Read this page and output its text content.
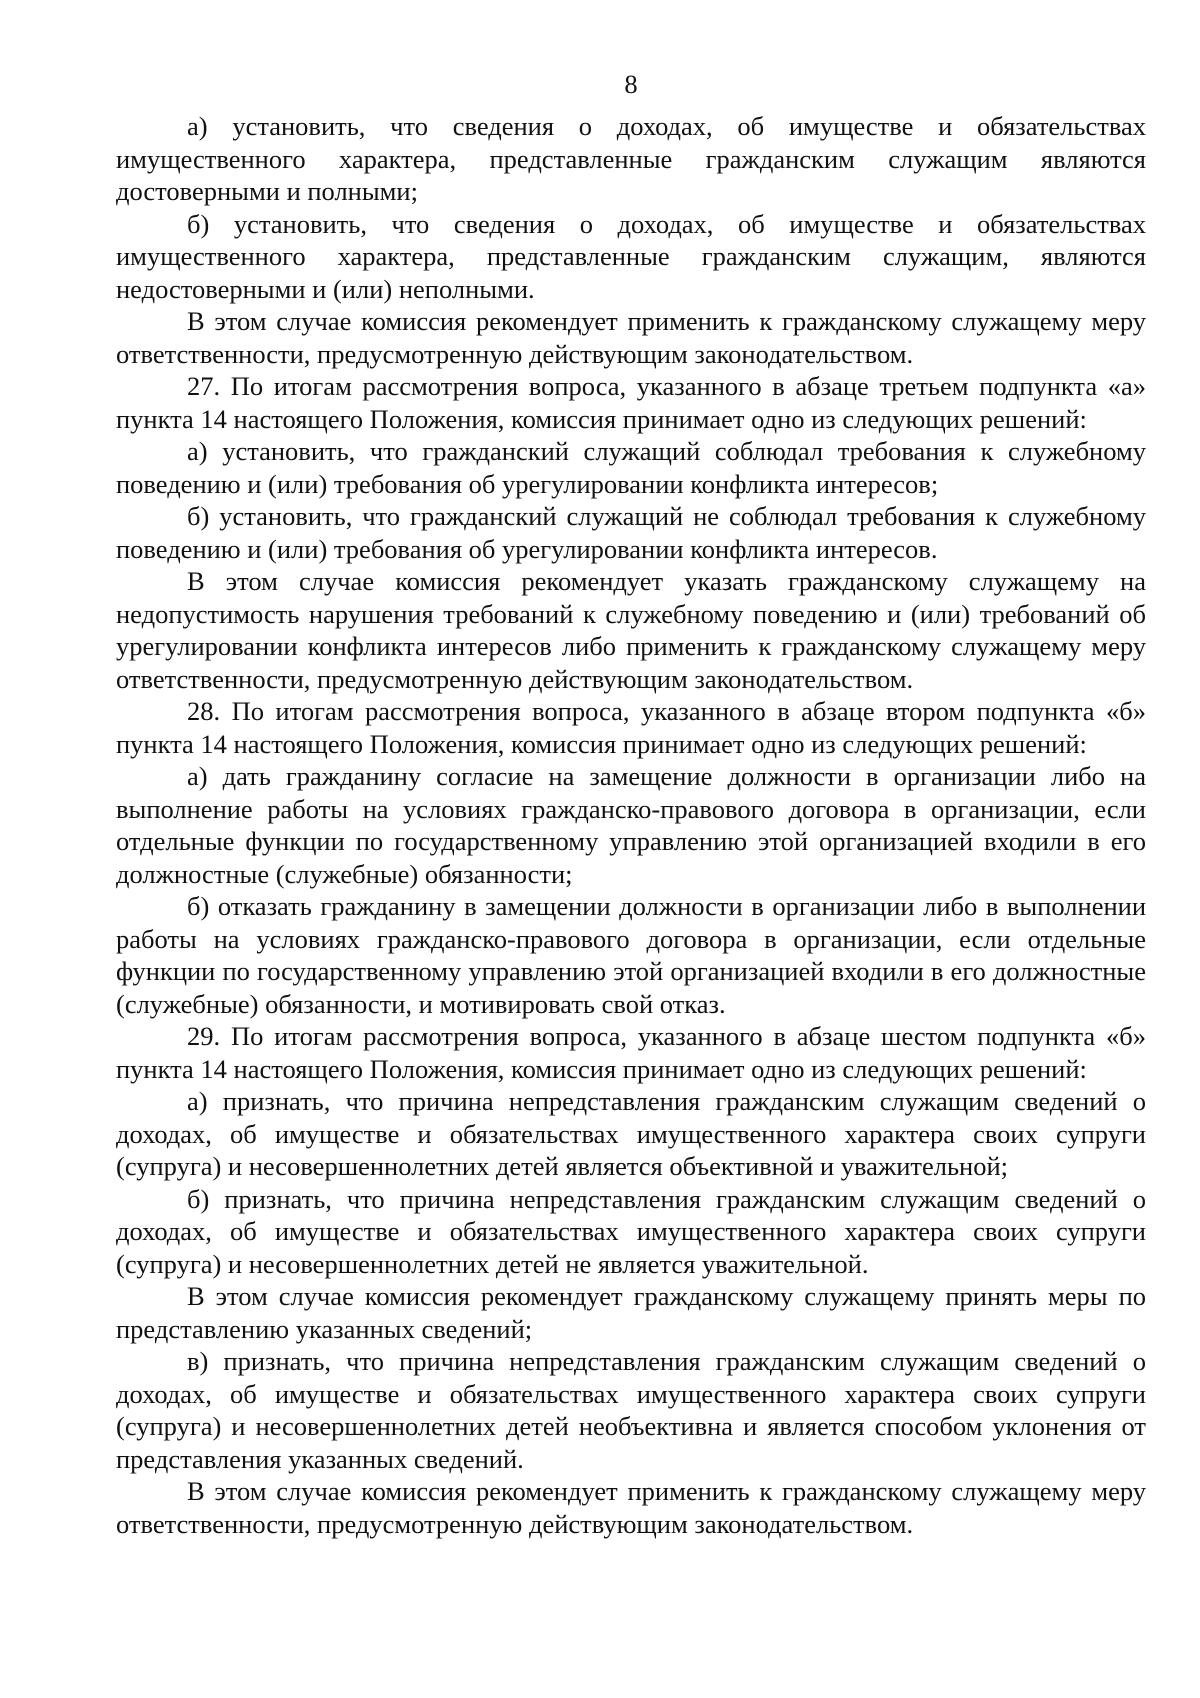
8

а) установить, что сведения о доходах, об имуществе и обязательствах имущественного характера, представленные гражданским служащим являются достоверными и полными;

б) установить, что сведения о доходах, об имуществе и обязательствах имущественного характера, представленные гражданским служащим, являются недостоверными и (или) неполными.

В этом случае комиссия рекомендует применить к гражданскому служащему меру ответственности, предусмотренную действующим законодательством.

27. По итогам рассмотрения вопроса, указанного в абзаце третьем подпункта «а» пункта 14 настоящего Положения, комиссия принимает одно из следующих решений:

а) установить, что гражданский служащий соблюдал требования к служебному поведению и (или) требования об урегулировании конфликта интересов;

б) установить, что гражданский служащий не соблюдал требования к служебному поведению и (или) требования об урегулировании конфликта интересов.

В этом случае комиссия рекомендует указать гражданскому служащему на недопустимость нарушения требований к служебному поведению и (или) требований об урегулировании конфликта интересов либо применить к гражданскому служащему меру ответственности, предусмотренную действующим законодательством.

28. По итогам рассмотрения вопроса, указанного в абзаце втором подпункта «б» пункта 14 настоящего Положения, комиссия принимает одно из следующих решений:

а) дать гражданину согласие на замещение должности в организации либо на выполнение работы на условиях гражданско-правового договора в организации, если отдельные функции по государственному управлению этой организацией входили в его должностные (служебные) обязанности;

б) отказать гражданину в замещении должности в организации либо в выполнении работы на условиях гражданско-правового договора в организации, если отдельные функции по государственному управлению этой организацией входили в его должностные (служебные) обязанности, и мотивировать свой отказ.

29. По итогам рассмотрения вопроса, указанного в абзаце шестом подпункта «б» пункта 14 настоящего Положения, комиссия принимает одно из следующих решений:

а) признать, что причина непредставления гражданским служащим сведений о доходах, об имуществе и обязательствах имущественного характера своих супруги (супруга) и несовершеннолетних детей является объективной и уважительной;

б) признать, что причина непредставления гражданским служащим сведений о доходах, об имуществе и обязательствах имущественного характера своих супруги (супруга) и несовершеннолетних детей не является уважительной.

В этом случае комиссия рекомендует гражданскому служащему принять меры по представлению указанных сведений;

в) признать, что причина непредставления гражданским служащим сведений о доходах, об имуществе и обязательствах имущественного характера своих супруги (супруга) и несовершеннолетних детей необъективна и является способом уклонения от представления указанных сведений.

В этом случае комиссия рекомендует применить к гражданскому служащему меру ответственности, предусмотренную действующим законодательством.
